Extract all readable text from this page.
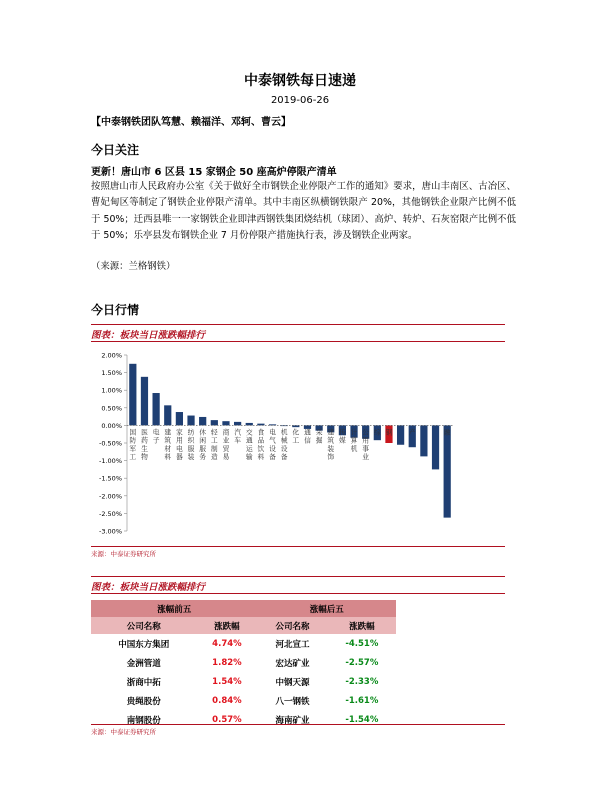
中泰钢铁每日速递
2019-06-26
【中泰钢铁团队笃慧、赖福洋、邓轲、曹云】
今日关注
更新！唐山市 6 区县 15 家钢企 50 座高炉停限产清单
按照唐山市人民政府办公室《关于做好全市钢铁企业停限产工作的通知》要求，唐山丰南区、古冶区、曹妃甸区等制定了钢铁企业停限产清单。其中丰南区纵横钢铁限产 20%，其他钢铁企业限产比例不低于 50%；迁西县唯一一家钢铁企业即津西钢铁集团烧结机（球团）、高炉、转炉、石灰窑限产比例不低于 50%；乐亭县发布钢铁企业 7 月份停限产措施执行表，涉及钢铁企业两家。
（来源：兰格钢铁）
今日行情
图表：板块当日涨跌幅排行
2.00%
1.50%
1.00%
0.50%
0.00%
-0.50%
-1.00%
-1.50%
-2.00%
-2.50%
-3.00%
国防军工
医药生物
电子
建筑材料
家用电器
纺织服装
休闲服务
轻工制造
商业贸易
汽车
交通运输
食品饮料
电气设备
机械设备
化工
通信
采掘
建筑装饰
传媒
计算机
公用事业
综 钢 产	融
来源：中泰证券研究所
图表：板块当日涨跌幅排行
涨幅前五		涨幅后五	
公司名称	涨跌幅	公司名称	涨跌幅
中国东方集团	4.74%	河北宣工	-4.51%
金洲管道	1.82%	宏达矿业	-2.57%
浙商中拓	1.54%	中钢天源	-2.33%
贵绳股份	0.84%	八一钢铁	-1.61%
南钢股份	0.57%	海南矿业	-1.54%
来源：中泰证券研究所
